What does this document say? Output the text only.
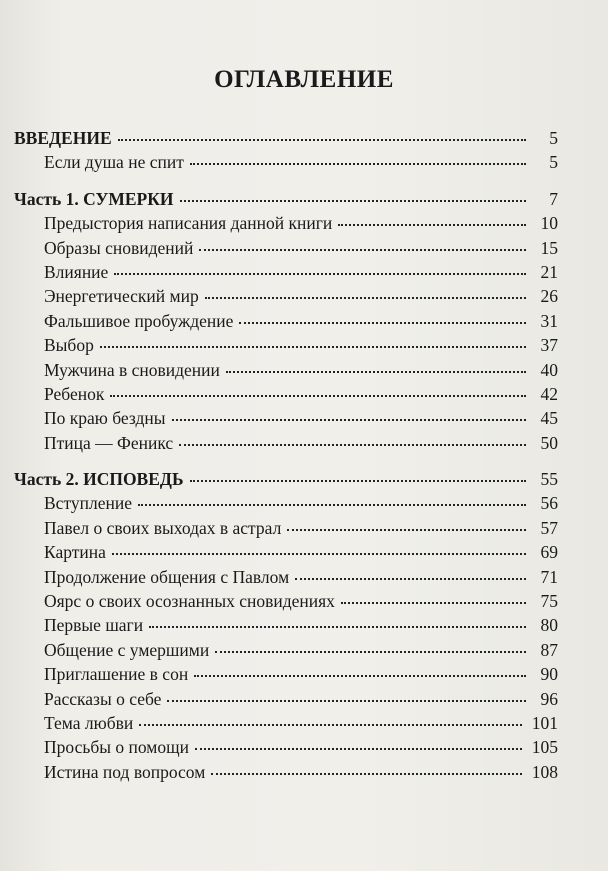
ОГЛАВЛЕНИЕ
ВВЕДЕНИЕ	5
Если душа не спит	5
Часть 1. СУМЕРКИ	7
Предыстория написания данной книги	10
Образы сновидений	15
Влияние	21
Энергетический мир	26
Фальшивое пробуждение	31
Выбор	37
Мужчина в сновидении	40
Ребенок	42
По краю бездны	45
Птица — Феникс	50
Часть 2. ИСПОВЕДЬ	55
Вступление	56
Павел о своих выходах в астрал	57
Картина	69
Продолжение общения с Павлом	71
Оярс о своих осознанных сновидениях	75
Первые шаги	80
Общение с умершими	87
Приглашение в сон	90
Рассказы о себе	96
Тема любви	101
Просьбы о помощи	105
Истина под вопросом	108
